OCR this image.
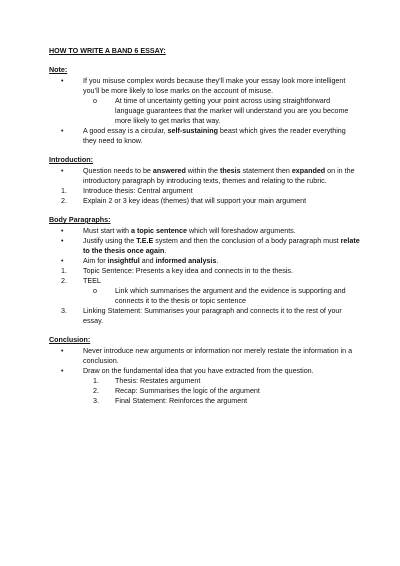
HOW TO WRITE A BAND 6 ESSAY:

Note:

•	If you misuse complex words because they’ll make your essay look more intelligent you’ll be more likely to lose marks on the account of misuse.
o	At time of uncertainty getting your point across using straightforward language guarantees that the marker will understand you are you become more likely to get marks that way.
•	A good essay is a circular, self-sustaining beast which gives the reader everything they need to know.

Introduction:

•	Question needs to be answered within the thesis statement then expanded on in the introductory paragraph by introducing texts, themes and relating to the rubric.
1. Introduce thesis: Central argument
2. Explain 2 or 3 key ideas (themes) that will support your main argument

Body Paragraphs:

•	Must start with a topic sentence which will foreshadow arguments.
•	Justify using the T.E.E system and then the conclusion of a body paragraph must relate to the thesis once again.
•	Aim for insightful and informed analysis.
1. Topic Sentence: Presents a key idea and connects in to the thesis.
2. TEEL
o	Link which summarises the argument and the evidence is supporting and connects it to the thesis or topic sentence
3. Linking Statement: Summarises your paragraph and connects it to the rest of your essay.

Conclusion:

•	Never introduce new arguments or information nor merely restate the information in a conclusion.
•	Draw on the fundamental idea that you have extracted from the question.
1. Thesis: Restates argument
2. Recap: Summarises the logic of the argument
3. Final Statement: Reinforces the argument
